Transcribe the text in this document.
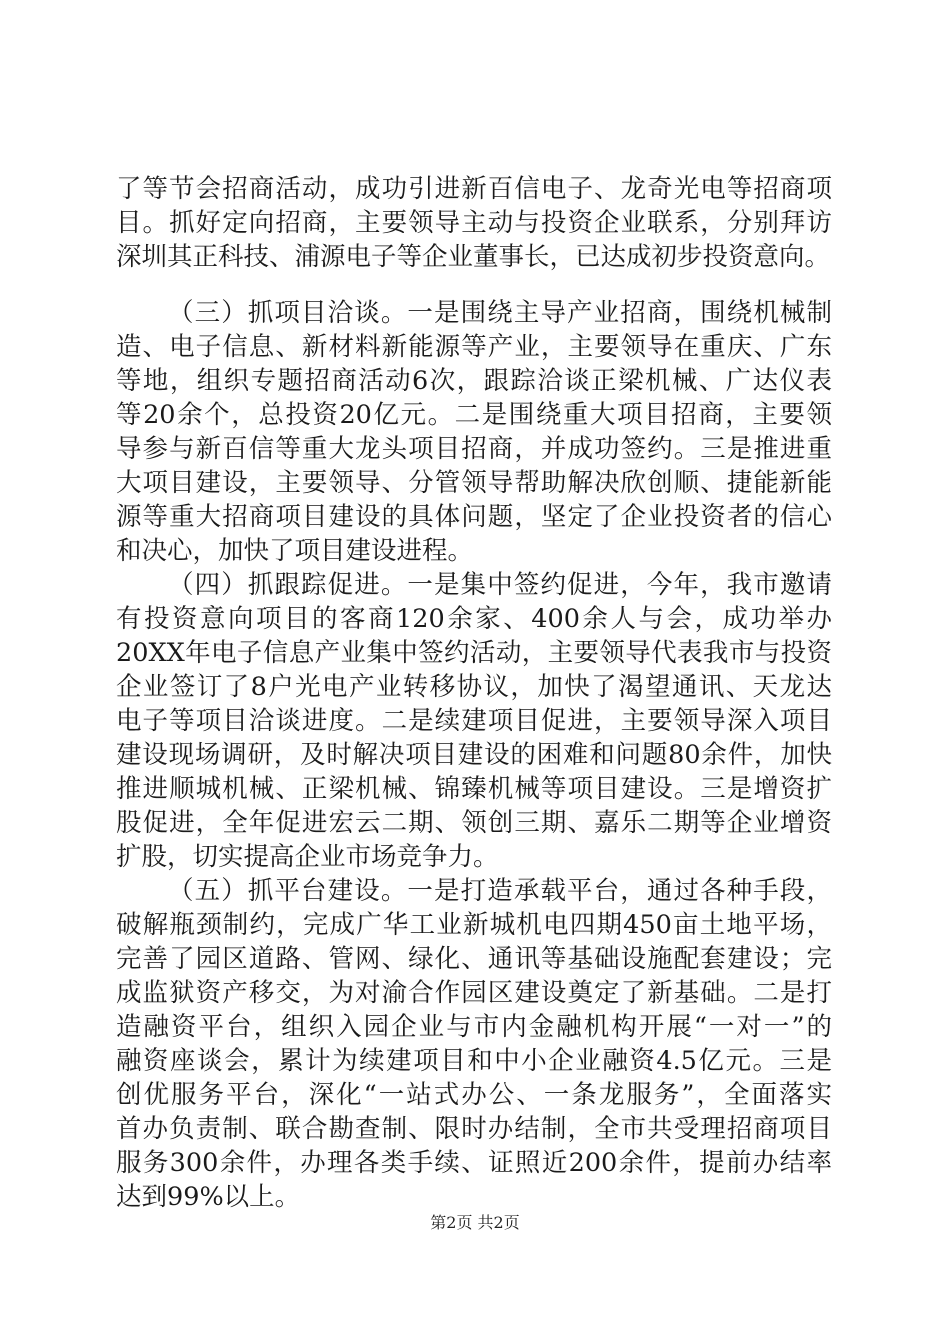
了等节会招商活动，成功引进新百信电子、龙奇光电等招商项
目。抓好定向招商，主要领导主动与投资企业联系，分别拜访
深圳其正科技、浦源电子等企业董事长，已达成初步投资意向。
（三）抓项目洽谈。一是围绕主导产业招商，围绕机械制
造、电子信息、新材料新能源等产业，主要领导在重庆、广东
等地，组织专题招商活动6次，跟踪洽谈正梁机械、广达仪表
等20余个，总投资20亿元。二是围绕重大项目招商，主要领
导参与新百信等重大龙头项目招商，并成功签约。三是推进重
大项目建设，主要领导、分管领导帮助解决欣创顺、捷能新能
源等重大招商项目建设的具体问题，坚定了企业投资者的信心
和决心，加快了项目建设进程。
（四）抓跟踪促进。一是集中签约促进，今年，我市邀请
有投资意向项目的客商120余家、400余人与会，成功举办
20XX年电子信息产业集中签约活动，主要领导代表我市与投资
企业签订了8户光电产业转移协议，加快了渴望通讯、天龙达
电子等项目洽谈进度。二是续建项目促进，主要领导深入项目
建设现场调研，及时解决项目建设的困难和问题80余件，加快
推进顺城机械、正梁机械、锦臻机械等项目建设。三是增资扩
股促进，全年促进宏云二期、领创三期、嘉乐二期等企业增资
扩股，切实提高企业市场竞争力。
（五）抓平台建设。一是打造承载平台，通过各种手段，
破解瓶颈制约，完成广华工业新城机电四期450亩土地平场，
完善了园区道路、管网、绿化、通讯等基础设施配套建设；完
成监狱资产移交，为对渝合作园区建设奠定了新基础。二是打
造融资平台，组织入园企业与市内金融机构开展“一对一”的
融资座谈会，累计为续建项目和中小企业融资4.5亿元。三是
创优服务平台，深化“一站式办公、一条龙服务”，全面落实
首办负责制、联合勘查制、限时办结制，全市共受理招商项目
服务300余件，办理各类手续、证照近200余件，提前办结率
达到99%以上。
第2页 共2页
